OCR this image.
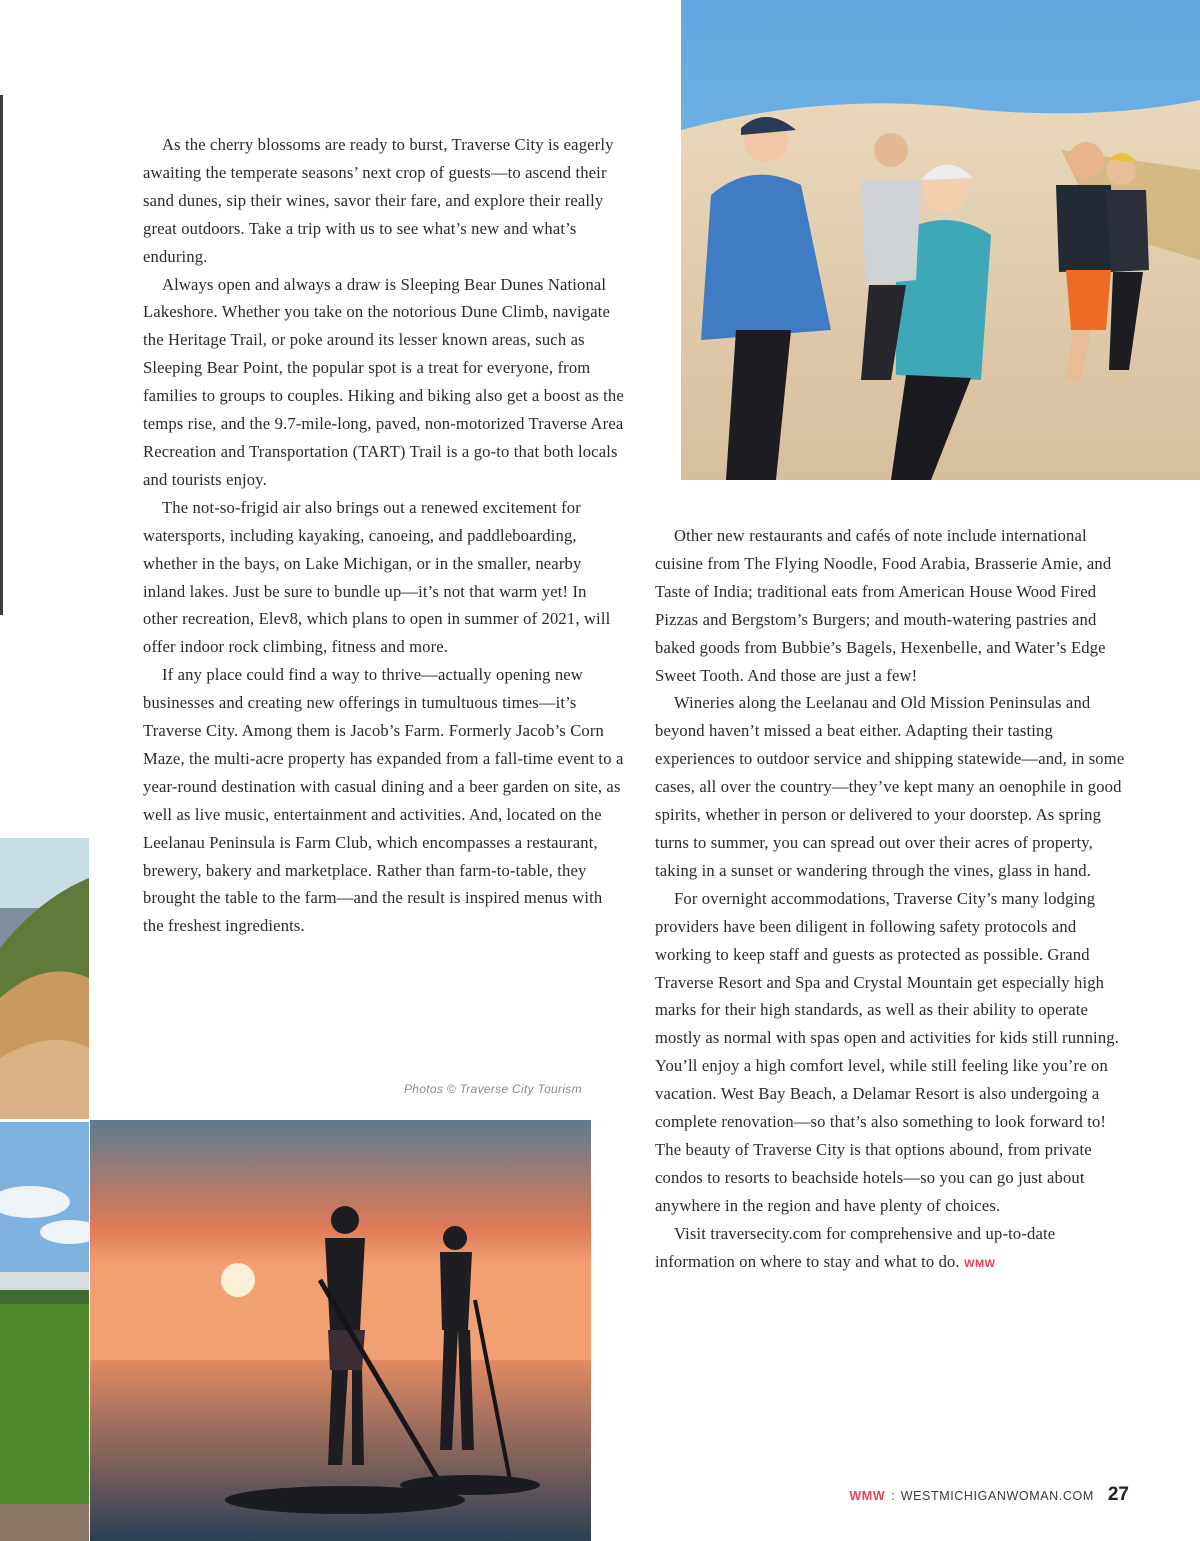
As the cherry blossoms are ready to burst, Traverse City is eagerly awaiting the temperate seasons’ next crop of guests—to ascend their sand dunes, sip their wines, savor their fare, and explore their really great outdoors. Take a trip with us to see what’s new and what’s enduring.

Always open and always a draw is Sleeping Bear Dunes National Lakeshore. Whether you take on the notorious Dune Climb, navigate the Heritage Trail, or poke around its lesser known areas, such as Sleeping Bear Point, the popular spot is a treat for everyone, from families to groups to couples. Hiking and biking also get a boost as the temps rise, and the 9.7-mile-long, paved, non-motorized Traverse Area Recreation and Transportation (TART) Trail is a go-to that both locals and tourists enjoy.

The not-so-frigid air also brings out a renewed excitement for watersports, including kayaking, canoeing, and paddleboarding, whether in the bays, on Lake Michigan, or in the smaller, nearby inland lakes. Just be sure to bundle up—it’s not that warm yet! In other recreation, Elev8, which plans to open in summer of 2021, will offer indoor rock climbing, fitness and more.

If any place could find a way to thrive—actually opening new businesses and creating new offerings in tumultuous times—it’s Traverse City. Among them is Jacob’s Farm. Formerly Jacob’s Corn Maze, the multi-acre property has expanded from a fall-time event to a year-round destination with casual dining and a beer garden on site, as well as live music, entertainment and activities. And, located on the Leelanau Peninsula is Farm Club, which encompasses a restaurant, brewery, bakery and marketplace. Rather than farm-to-table, they brought the table to the farm—and the result is inspired menus with the freshest ingredients.

Other new restaurants and cafés of note include international cuisine from The Flying Noodle, Food Arabia, Brasserie Amie, and Taste of India; traditional eats from American House Wood Fired Pizzas and Bergstom’s Burgers; and mouth-watering pastries and baked goods from Bubbie’s Bagels, Hexenbelle, and Water’s Edge Sweet Tooth. And those are just a few!

Wineries along the Leelanau and Old Mission Peninsulas and beyond haven’t missed a beat either. Adapting their tasting experiences to outdoor service and shipping statewide—and, in some cases, all over the country—they’ve kept many an oenophile in good spirits, whether in person or delivered to your doorstep. As spring turns to summer, you can spread out over their acres of property, taking in a sunset or wandering through the vines, glass in hand.

For overnight accommodations, Traverse City’s many lodging providers have been diligent in following safety protocols and working to keep staff and guests as protected as possible. Grand Traverse Resort and Spa and Crystal Mountain get especially high marks for their high standards, as well as their ability to operate mostly as normal with spas open and activities for kids still running. You’ll enjoy a high comfort level, while still feeling like you’re on vacation. West Bay Beach, a Delamar Resort is also undergoing a complete renovation—so that’s also something to look forward to! The beauty of Traverse City is that options abound, from private condos to resorts to beachside hotels—so you can go just about anywhere in the region and have plenty of choices.

Visit traversecity.com for comprehensive and up-to-date information on where to stay and what to do. WMW

Photos © Traverse City Tourism
WMW : WESTMICHIGANWOMAN.COM 27
